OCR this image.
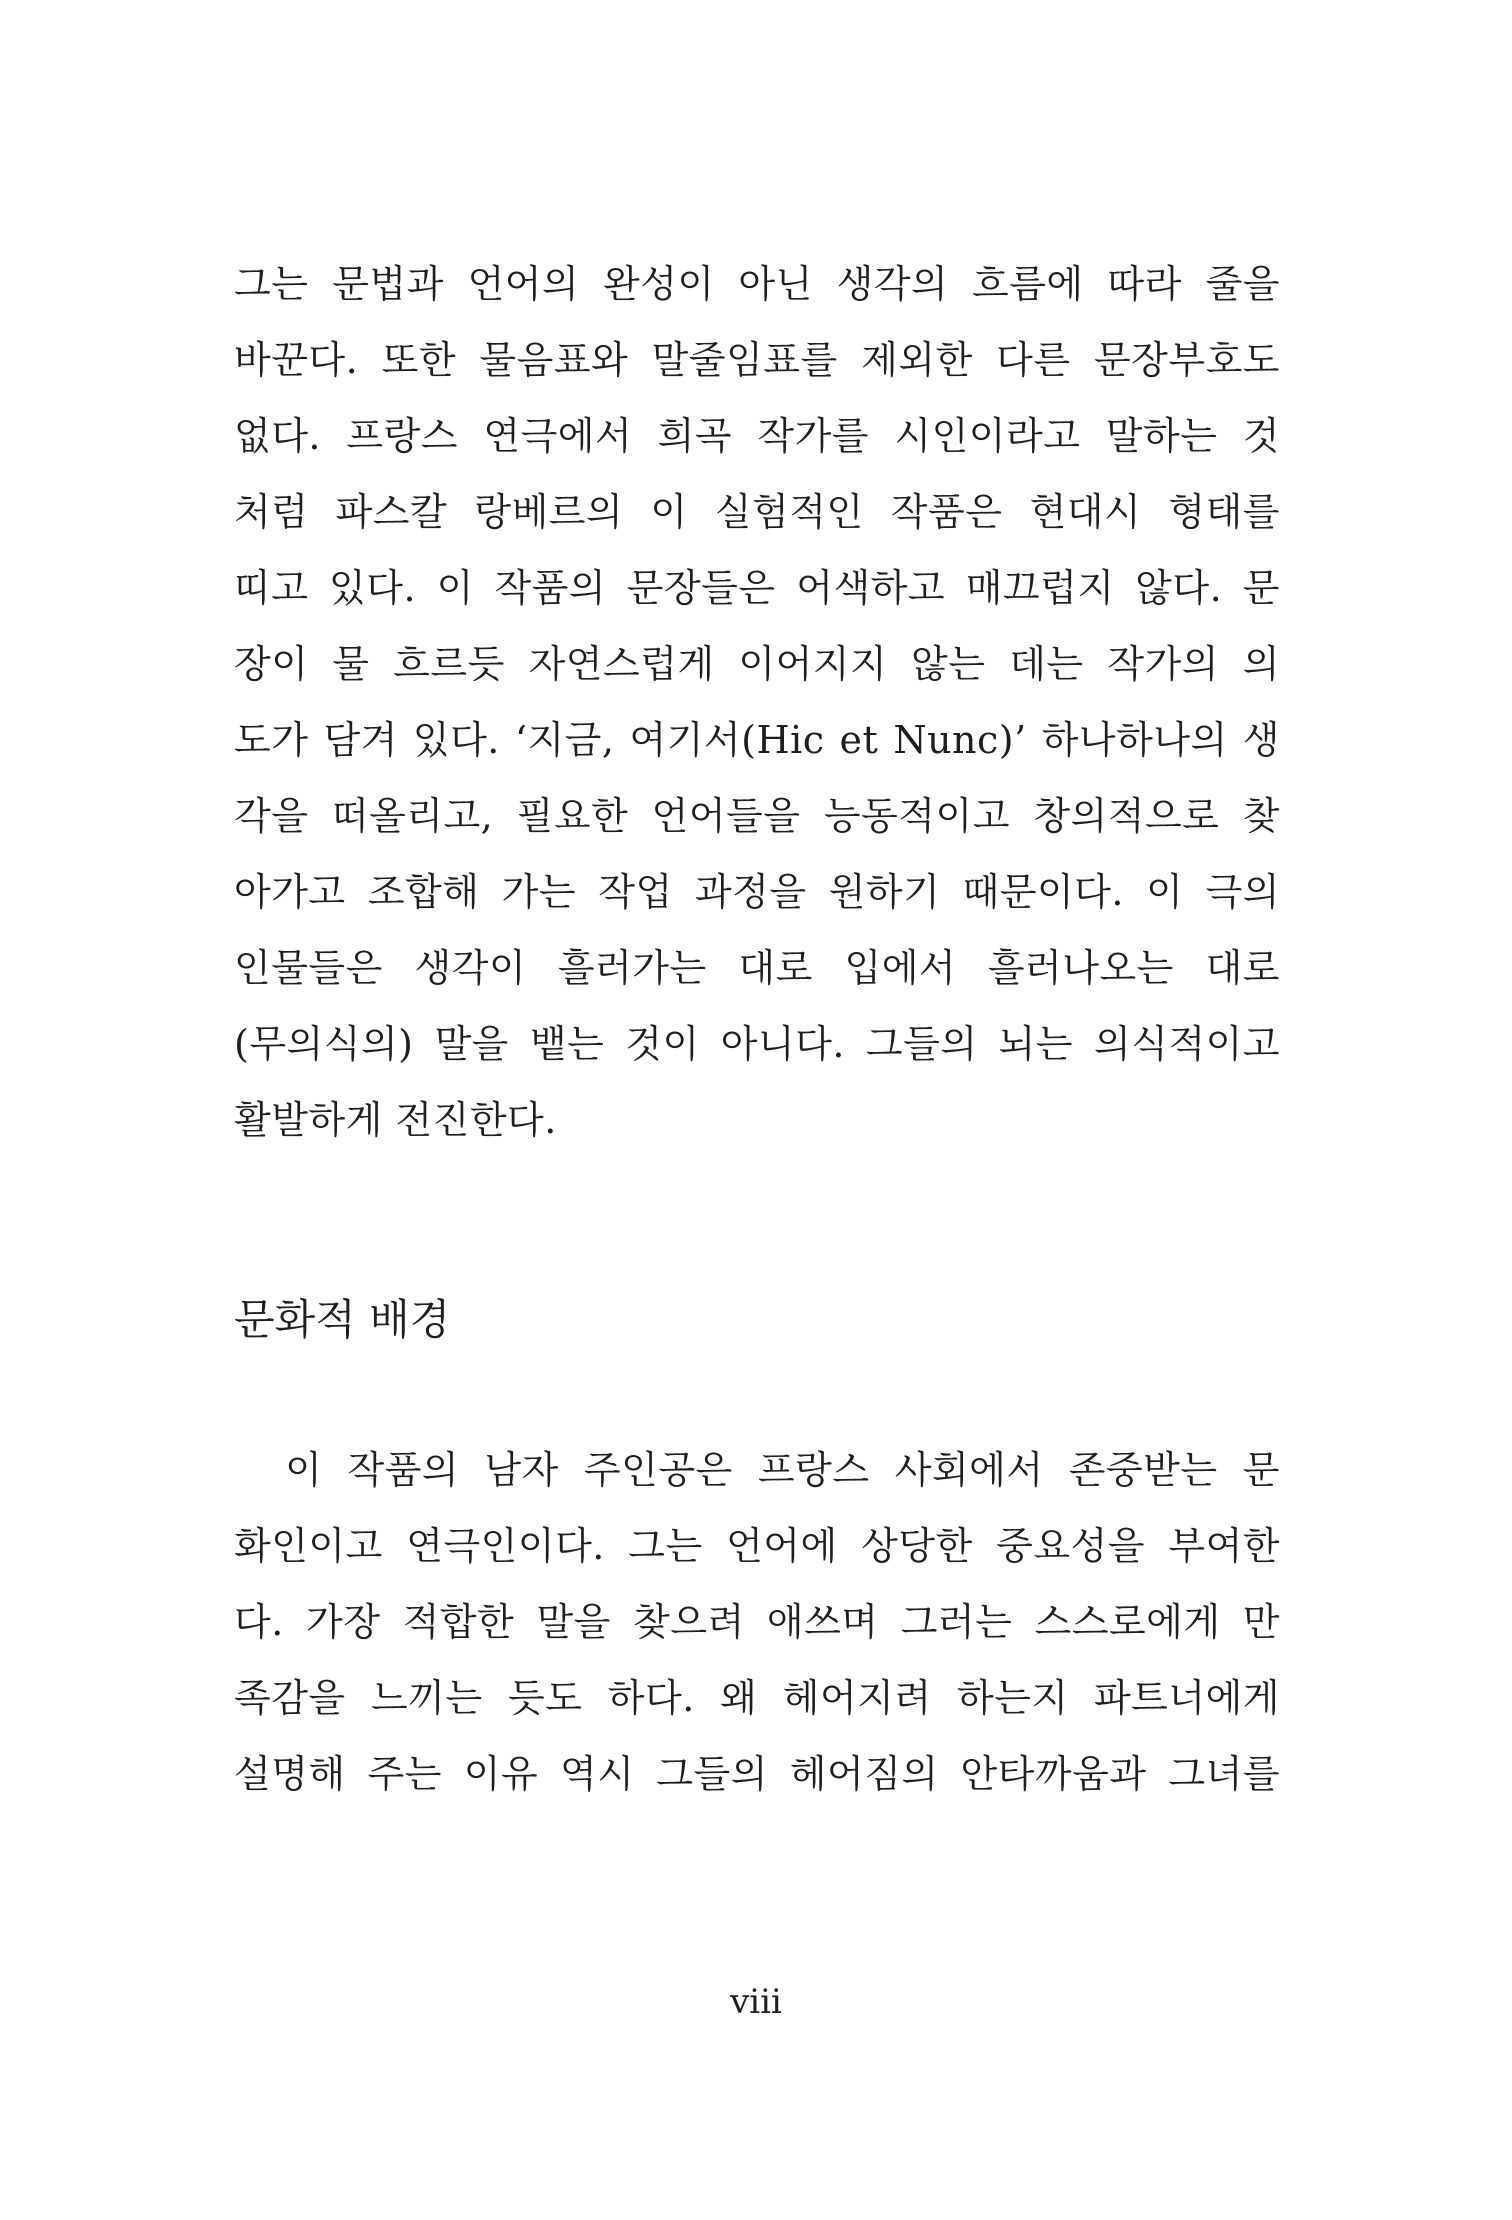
그는 문법과 언어의 완성이 아닌 생각의 흐름에 따라 줄을
바꾼다. 또한 물음표와 말줄임표를 제외한 다른 문장부호도
없다. 프랑스 연극에서 희곡 작가를 시인이라고 말하는 것
처럼 파스칼 랑베르의 이 실험적인 작품은 현대시 형태를
띠고 있다. 이 작품의 문장들은 어색하고 매끄럽지 않다. 문
장이 물 흐르듯 자연스럽게 이어지지 않는 데는 작가의 의
도가 담겨 있다. ‘지금, 여기서(Hic et Nunc)’ 하나하나의 생
각을 떠올리고, 필요한 언어들을 능동적이고 창의적으로 찾
아가고 조합해 가는 작업 과정을 원하기 때문이다. 이 극의
인물들은 생각이 흘러가는 대로 입에서 흘러나오는 대로
(무의식의) 말을 뱉는 것이 아니다. 그들의 뇌는 의식적이고
활발하게 전진한다.
문화적 배경
　이 작품의 남자 주인공은 프랑스 사회에서 존중받는 문
화인이고 연극인이다. 그는 언어에 상당한 중요성을 부여한
다. 가장 적합한 말을 찾으려 애쓰며 그러는 스스로에게 만
족감을 느끼는 듯도 하다. 왜 헤어지려 하는지 파트너에게
설명해 주는 이유 역시 그들의 헤어짐의 안타까움과 그녀를
viii
